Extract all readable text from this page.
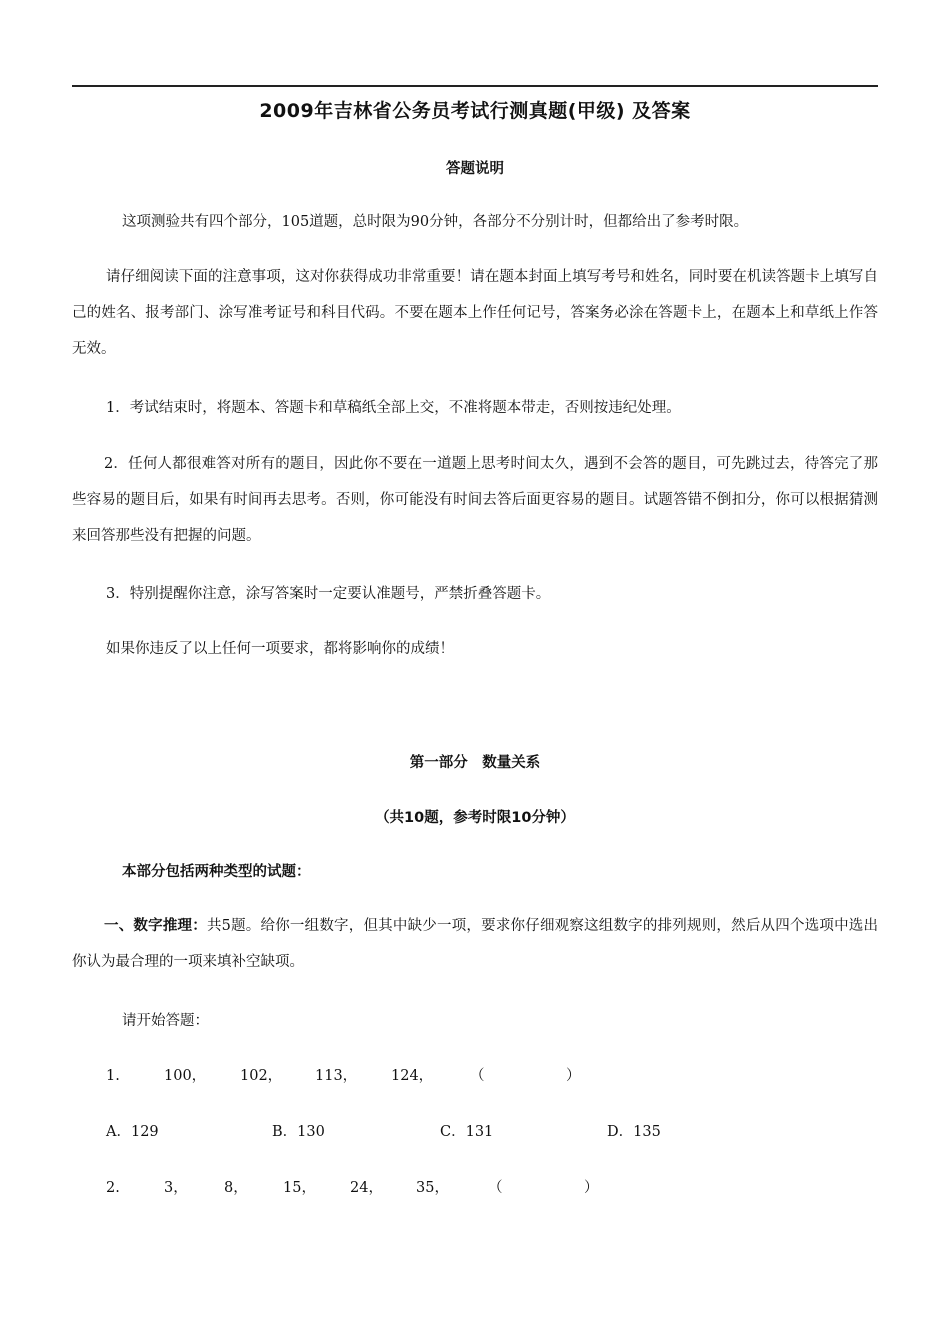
2009年吉林省公务员考试行测真题(甲级) 及答案
答题说明
这项测验共有四个部分，105道题，总时限为90分钟，各部分不分别计时，但都给出了参考时限。
请仔细阅读下面的注意事项，这对你获得成功非常重要！请在题本封面上填写考号和姓名，同时要在机读答题卡上填写自己的姓名、报考部门、涂写准考证号和科目代码。不要在题本上作任何记号，答案务必涂在答题卡上，在题本上和草纸上作答无效。
1．考试结束时，将题本、答题卡和草稿纸全部上交，不准将题本带走，否则按违纪处理。
2．任何人都很难答对所有的题目，因此你不要在一道题上思考时间太久，遇到不会答的题目，可先跳过去，待答完了那些容易的题目后，如果有时间再去思考。否则，你可能没有时间去答后面更容易的题目。试题答错不倒扣分，你可以根据猜测来回答那些没有把握的问题。
3．特别提醒你注意，涂写答案时一定要认准题号，严禁折叠答题卡。
如果你违反了以上任何一项要求，都将影响你的成绩！
第一部分　数量关系
（共10题，参考时限10分钟）
本部分包括两种类型的试题：
一、数字推理：共5题。给你一组数字，但其中缺少一项，要求你仔细观察这组数字的排列规则，然后从四个选项中选出你认为最合理的一项来填补空缺项。
请开始答题：
1.	100， 102， 113， 124，	（	）
A．129	B．130	C．131	D．135
2.	3，	8， 15， 24， 35，	（	）
